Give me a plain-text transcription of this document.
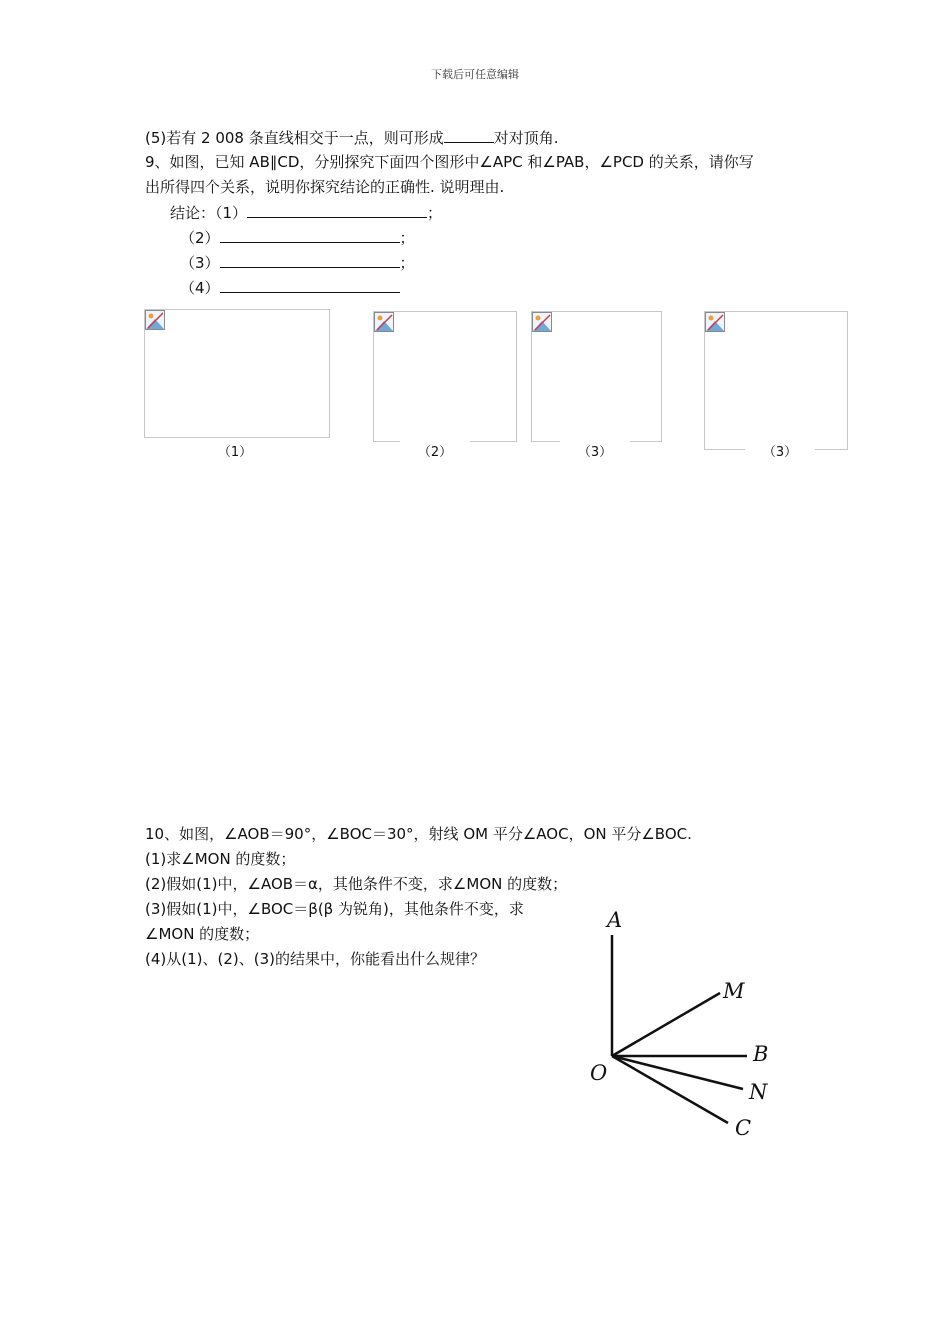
下载后可任意编辑
(5)若有 2 008 条直线相交于一点，则可形成	对对顶角.
9、如图，已知 AB∥CD，分别探究下面四个图形中∠APC 和∠PAB，∠PCD 的关系，请你写
出所得四个关系，说明你探究结论的正确性. 说明理由.
结论：（1）	；
（2）	；
（3）	；
（4）
（1）	（2）	（3）	（3）
10、如图，∠AOB＝90°，∠BOC＝30°，射线 OM 平分∠AOC，ON 平分∠BOC.
(1)求∠MON 的度数；
(2)假如(1)中，∠AOB＝α，其他条件不变，求∠MON 的度数；
(3)假如(1)中，∠BOC＝β(β 为锐角)，其他条件不变，求
∠MON 的度数；
(4)从(1)、(2)、(3)的结果中，你能看出什么规律？
A
M
B
O
N
C
